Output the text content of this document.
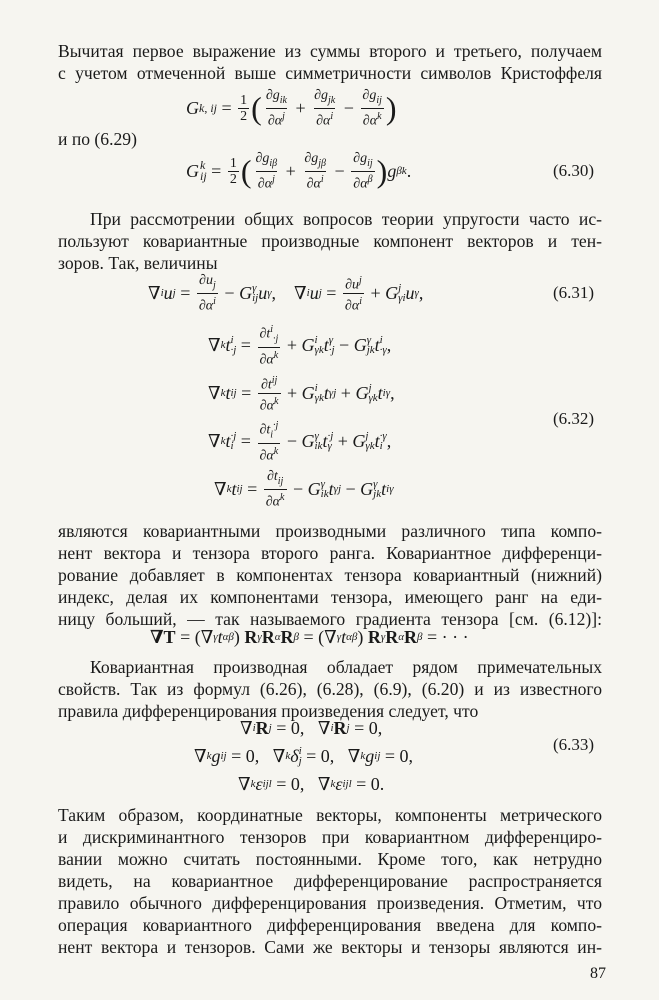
Вычитая первое выражение из суммы второго и третьего, получаем
с учетом отмеченной выше симметричности символов Кристоффеля
G k, ij = $\frac{1}{2}$ ( $\frac{\partial g_{ik}}{\partial\alpha^j} + \frac{\partial g_{jk}}{\partial\alpha^i} - \frac{\partial g_{ij}}{\partial\alpha^k}$ )
и по (6.29)
G k
ij = $\frac{1}{2}$ ( $\frac{\partial g_{i\beta}}{\partial\alpha^j} + \frac{\partial g_{j\beta}}{\partial\alpha^i} - \frac{\partial g_{ij}}{\partial\alpha^\beta}$ ) g βk .	(6.30)
При рассмотрении общих вопросов теории упругости часто ис-
пользуют ковариантные производные компонент векторов и тен-
зоров. Так, величины
∇ i u $j = \frac{\partial u_j}{\partial\alpha^i} - G$ γ
ij u γ ,    ∇ i u $j = \frac{\partial u^j}{\partial\alpha^i} + G$ j
γi u γ ,	(6.31)
∇ k t i
$\cdot j = \frac{\partial t^i_{\cdot j}}{\partial\alpha^k} + G$ i
γk t γ
·j − G γ
jk t i
·γ ,
∇ k t ij = $\frac{\partial t^{ij}}{\partial\alpha^k} + G$ i
γk t γj + G j
γk t iγ ,
∇ k t ·j
$i = \frac{\partial t_i^{\cdot j}}{\partial\alpha^k} - G$ γ
ik t ·j
γ + G j
γk t ·γ
i ,
∇ k t ij = $\frac{\partial t_{ij}}{\partial\alpha^k} - G$ γ
ik t γj − G γ
jk t iγ
(6.32)
являются ковариантными производными различного типа компо-
нент вектора и тензора второго ранга. Ковариантное дифференци-
рование добавляет в компонентах тензора ковариантный (нижний)
индекс, делая их компонентами тензора, имеющего ранг на еди-
ницу больший, — так называемого градиента тензора [см. (6.12)]:
∇T = (∇ γ t αβ ) R γ R α R β = (∇ γ t αβ ) R γ R α R β = · · ·
Ковариантная производная обладает рядом примечательных
свойств. Так из формул (6.26), (6.28), (6.9), (6.20) и из известного
правила дифференцирования произведения следует, что
∇ i R j = 0,   ∇ i R j = 0,
∇ k g ij = 0,   ∇ k δ i
j = 0,   ∇ k g ij = 0,
∇ k ε ijl = 0,   ∇ k ε ijl = 0.
(6.33)
Таким образом, координатные векторы, компоненты метрического
и дискриминантного тензоров при ковариантном дифференциро-
вании можно считать постоянными. Кроме того, как нетрудно
видеть, на ковариантное дифференцирование распространяется
правило обычного дифференцирования произведения. Отметим, что
операция ковариантного дифференцирования введена для компо-
нент вектора и тензоров. Сами же векторы и тензоры являются ин-
87
